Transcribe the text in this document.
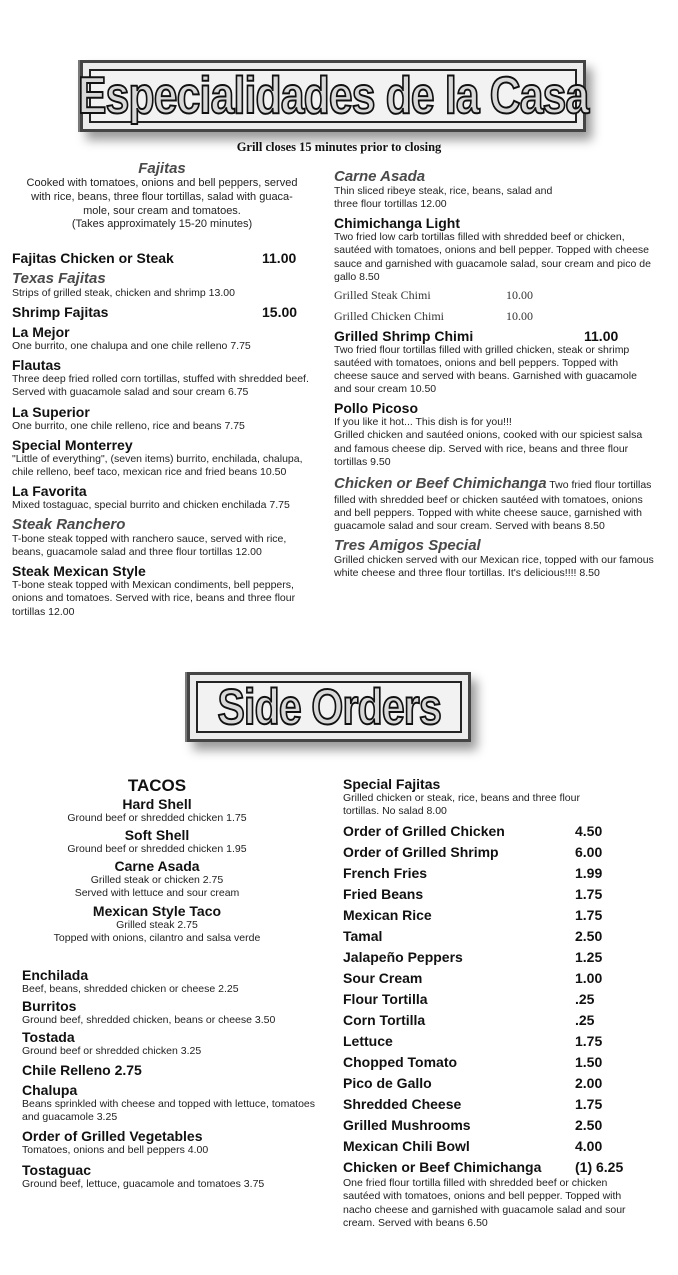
Especialidades de la Casa
Grill closes 15 minutes prior to closing
Fajitas
Cooked with tomatoes, onions and bell peppers, served with rice, beans, three flour tortillas, salad with guaca-mole, sour cream and tomatoes.
(Takes approximately 15-20 minutes)
Fajitas Chicken or Steak	11.00
Texas Fajitas
Strips of grilled steak, chicken and shrimp 13.00
Shrimp Fajitas	15.00
La Mejor
One burrito, one chalupa and one chile relleno 7.75
Flautas
Three deep fried rolled corn tortillas, stuffed with shredded beef. Served with guacamole salad and sour cream 6.75
La Superior
One burrito, one chile relleno, rice and beans 7.75
Special Monterrey
"Little of everything", (seven items) burrito, enchilada, chalupa, chile relleno, beef taco, mexican rice and fried beans 10.50
La Favorita
Mixed tostaguac, special burrito and chicken enchilada 7.75
Steak Ranchero
T-bone steak topped with ranchero sauce, served with rice, beans, guacamole salad and three flour tortillas 12.00
Steak Mexican Style
T-bone steak topped with Mexican condiments, bell peppers, onions and tomatoes. Served with rice, beans and three flour tortillas 12.00
Carne Asada
Thin sliced ribeye steak, rice, beans, salad and three flour tortillas 12.00
Chimichanga Light
Two fried low carb tortillas filled with shredded beef or chicken, sautéed with tomatoes, onions and bell pepper. Topped with cheese sauce and garnished with guacamole salad, sour cream and pico de gallo 8.50
Grilled Steak Chimi	10.00
Grilled Chicken Chimi	10.00
Grilled Shrimp Chimi	11.00
Two fried flour tortillas filled with grilled chicken, steak or shrimp sautéed with tomatoes, onions and bell peppers. Topped with cheese sauce and served with beans. Garnished with guacamole and sour cream 10.50
Pollo Picoso
If you like it hot... This dish is for you!!!
Grilled chicken and sautéed onions, cooked with our spiciest salsa and famous cheese dip. Served with rice, beans and three flour tortillas 9.50
Chicken or Beef Chimichanga Two fried flour tortillas filled with shredded beef or chicken sautéed with tomatoes, onions and bell peppers. Topped with white cheese sauce, garnished with guacamole salad and sour cream. Served with beans 8.50
Tres Amigos Special
Grilled chicken served with our Mexican rice, topped with our famous white cheese and three flour tortillas. It's delicious!!!! 8.50
Side Orders
TACOS
Hard Shell
Ground beef or shredded chicken 1.75
Soft Shell
Ground beef or shredded chicken 1.95
Carne Asada
Grilled steak or chicken 2.75
Served with lettuce and sour cream
Mexican Style Taco
Grilled steak 2.75
Topped with onions, cilantro and salsa verde
Enchilada
Beef, beans, shredded chicken or cheese 2.25
Burritos
Ground beef, shredded chicken, beans or cheese 3.50
Tostada
Ground beef or shredded chicken 3.25
Chile Relleno 2.75
Chalupa
Beans sprinkled with cheese and topped with lettuce, tomatoes and guacamole 3.25
Order of Grilled Vegetables
Tomatoes, onions and bell peppers 4.00
Tostaguac
Ground beef, lettuce, guacamole and tomatoes 3.75
Special Fajitas
Grilled chicken or steak, rice, beans and three flour tortillas. No salad 8.00
Order of Grilled Chicken	4.50
Order of Grilled Shrimp	6.00
French Fries	1.99
Fried Beans	1.75
Mexican Rice	1.75
Tamal	2.50
Jalapeño Peppers	1.25
Sour Cream	1.00
Flour Tortilla	.25
Corn Tortilla	.25
Lettuce	1.75
Chopped Tomato	1.50
Pico de Gallo	2.00
Shredded Cheese	1.75
Grilled Mushrooms	2.50
Mexican Chili Bowl	4.00
Chicken or Beef Chimichanga	(1) 6.25
One fried flour tortilla filled with shredded beef or chicken sautéed with tomatoes, onions and bell pepper. Topped with nacho cheese and garnished with guacamole salad and sour cream. Served with beans 6.50
